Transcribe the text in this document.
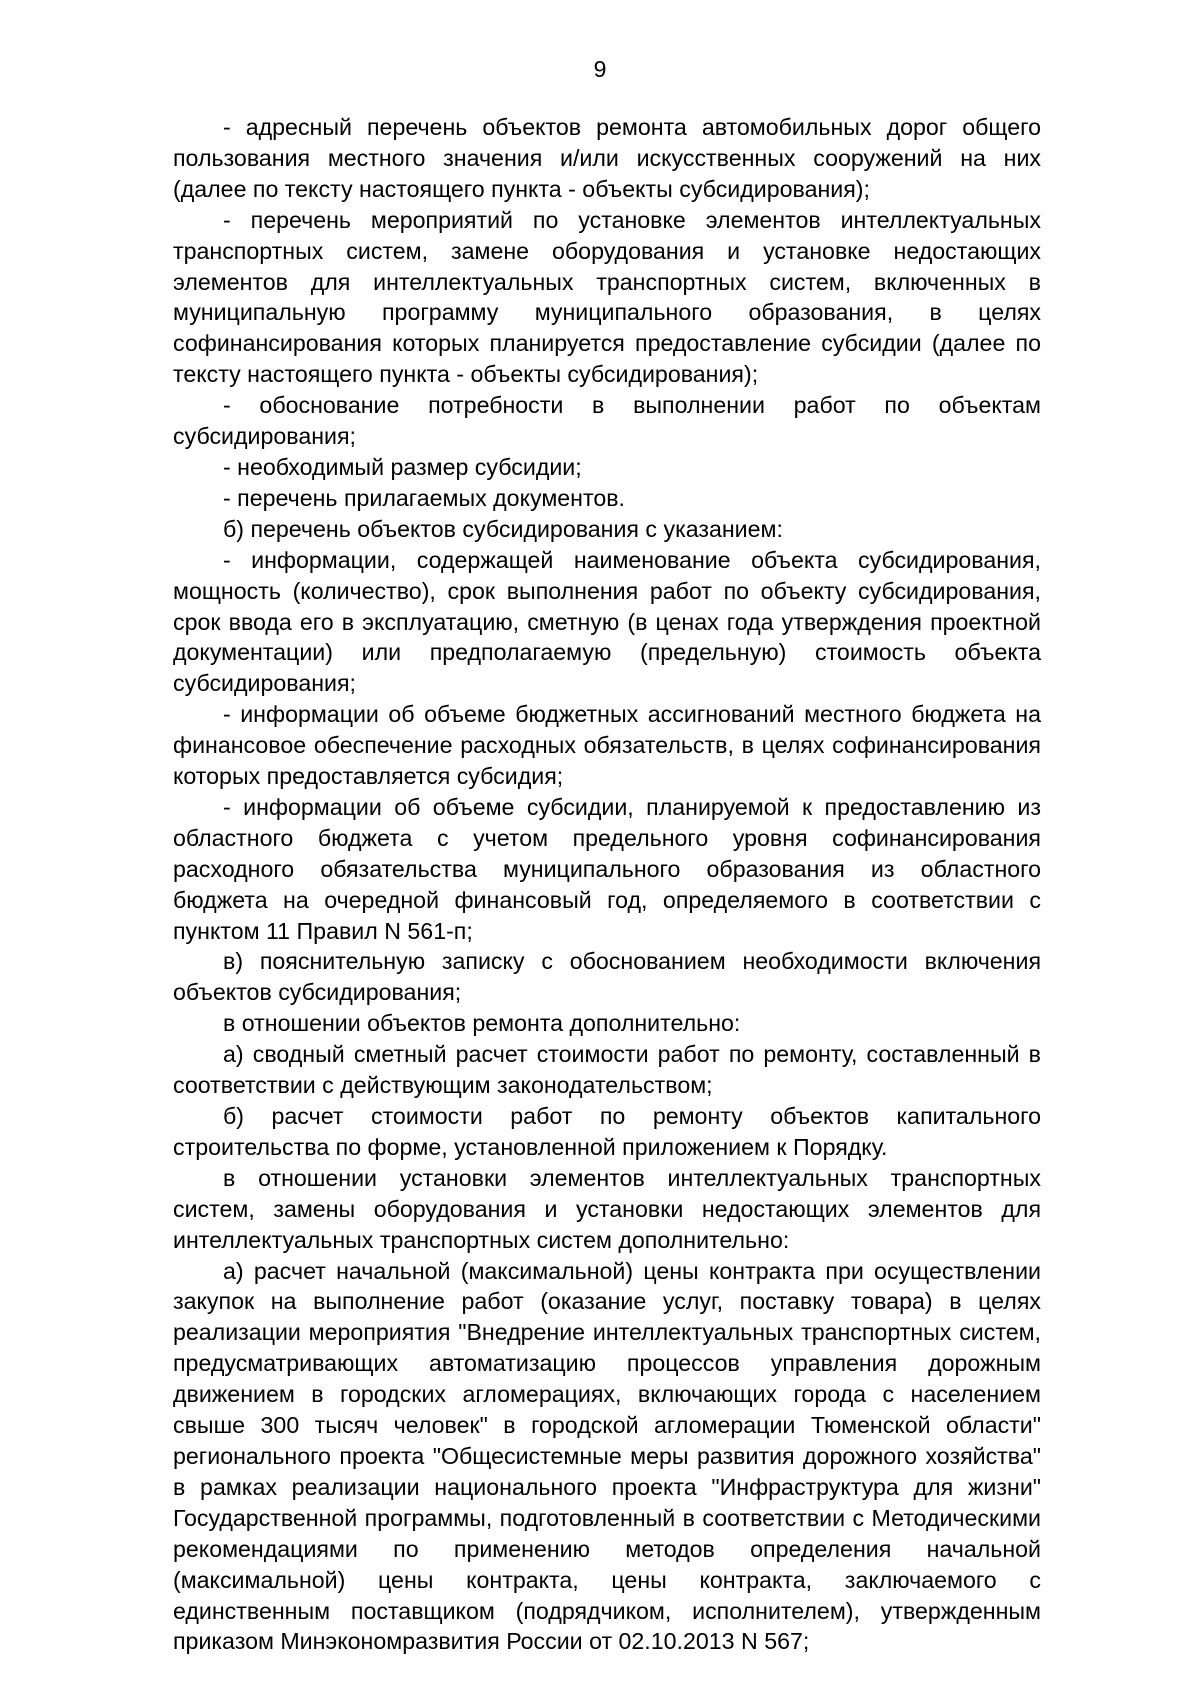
9

- адресный перечень объектов ремонта автомобильных дорог общего пользования местного значения и/или искусственных сооружений на них (далее по тексту настоящего пункта - объекты субсидирования);

- перечень мероприятий по установке элементов интеллектуальных транспортных систем, замене оборудования и установке недостающих элементов для интеллектуальных транспортных систем, включенных в муниципальную программу муниципального образования, в целях софинансирования которых планируется предоставление субсидии (далее по тексту настоящего пункта - объекты субсидирования);

- обоснование потребности в выполнении работ по объектам субсидирования;

- необходимый размер субсидии;

- перечень прилагаемых документов.

б) перечень объектов субсидирования с указанием:

- информации, содержащей наименование объекта субсидирования, мощность (количество), срок выполнения работ по объекту субсидирования, срок ввода его в эксплуатацию, сметную (в ценах года утверждения проектной документации) или предполагаемую (предельную) стоимость объекта субсидирования;

- информации об объеме бюджетных ассигнований местного бюджета на финансовое обеспечение расходных обязательств, в целях софинансирования которых предоставляется субсидия;

- информации об объеме субсидии, планируемой к предоставлению из областного бюджета с учетом предельного уровня софинансирования расходного обязательства муниципального образования из областного бюджета на очередной финансовый год, определяемого в соответствии с пунктом 11 Правил N 561-п;

в) пояснительную записку с обоснованием необходимости включения объектов субсидирования;

в отношении объектов ремонта дополнительно:

а) сводный сметный расчет стоимости работ по ремонту, составленный в соответствии с действующим законодательством;

б) расчет стоимости работ по ремонту объектов капитального строительства по форме, установленной приложением к Порядку.

в отношении установки элементов интеллектуальных транспортных систем, замены оборудования и установки недостающих элементов для интеллектуальных транспортных систем дополнительно:

а) расчет начальной (максимальной) цены контракта при осуществлении закупок на выполнение работ (оказание услуг, поставку товара) в целях реализации мероприятия "Внедрение интеллектуальных транспортных систем, предусматривающих автоматизацию процессов управления дорожным движением в городских агломерациях, включающих города с населением свыше 300 тысяч человек" в городской агломерации Тюменской области" регионального проекта "Общесистемные меры развития дорожного хозяйства" в рамках реализации национального проекта "Инфраструктура для жизни" Государственной программы, подготовленный в соответствии с Методическими рекомендациями по применению методов определения начальной (максимальной) цены контракта, цены контракта, заключаемого с единственным поставщиком (подрядчиком, исполнителем), утвержденным приказом Минэкономразвития России от 02.10.2013 N 567;
